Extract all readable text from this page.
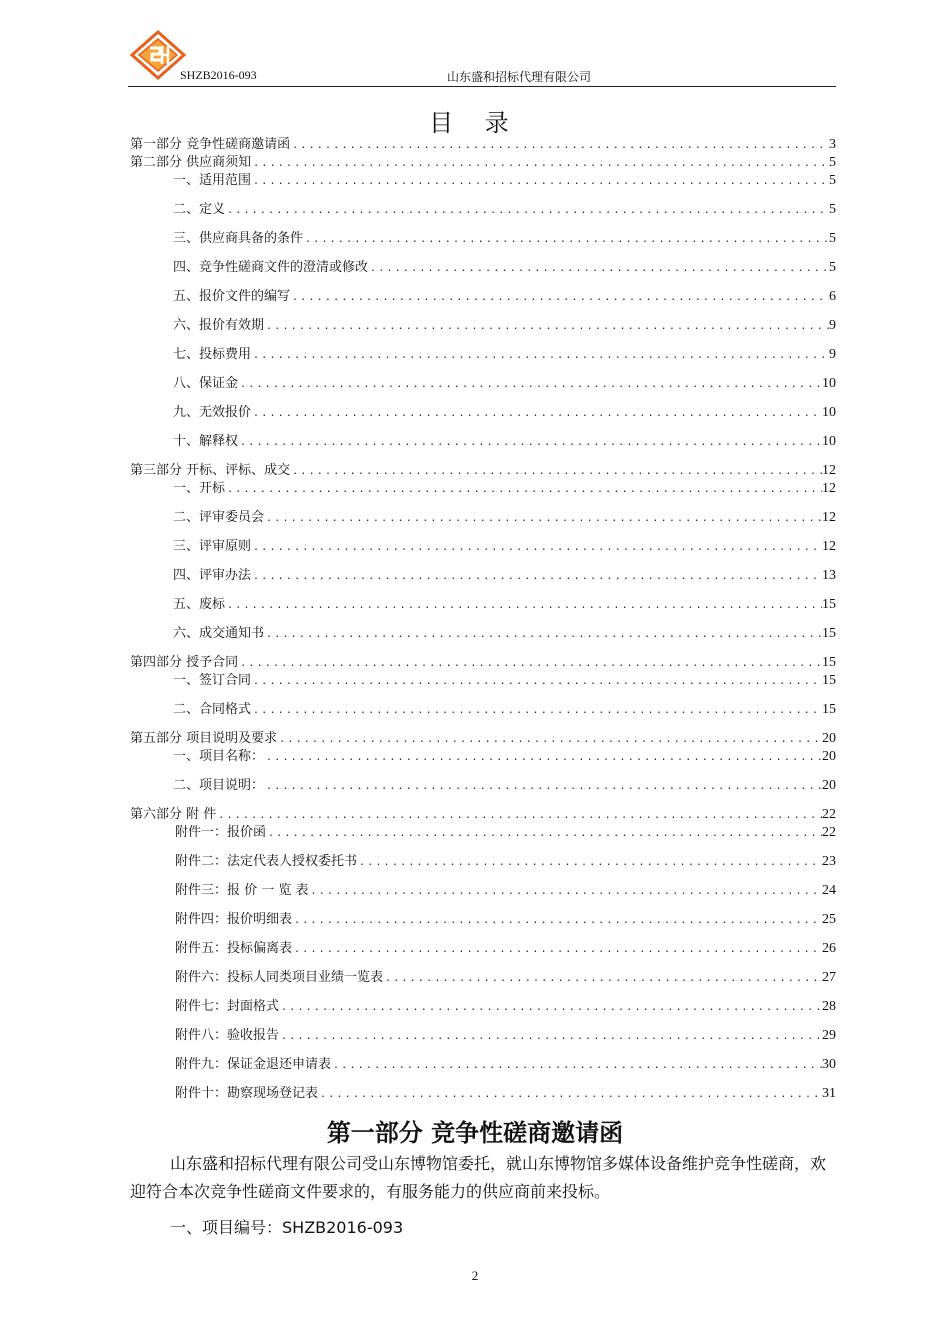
SHZB2016-093	山东盛和招标代理有限公司
目 录
第一部分 竞争性磋商邀请函 .....	3
第二部分 供应商须知 .....	5
一、适用范围 .....	5
二、定义 .....	5
三、供应商具备的条件 .....	5
四、竞争性磋商文件的澄清或修改 .....	5
五、报价文件的编写 .....	6
六、报价有效期 .....	9
七、投标费用 .....	9
八、保证金 .....	10
九、无效报价 .....	10
十、解释权 .....	10
第三部分 开标、评标、成交 .....	12
一、开标 .....	12
二、评审委员会 .....	12
三、评审原则 .....	12
四、评审办法 .....	13
五、废标 .....	15
六、成交通知书 .....	15
第四部分 授予合同 .....	15
一、签订合同 .....	15
二、合同格式 .....	15
第五部分 项目说明及要求 .....	20
一、项目名称： .....	20
二、项目说明： .....	20
第六部分 附 件 .....	22
附件一：报价函 .....	22
附件二：法定代表人授权委托书 .....	23
附件三：报 价 一 览 表 .....	24
附件四：报价明细表 .....	25
附件五：投标偏离表 .....	26
附件六：投标人同类项目业绩一览表 .....	27
附件七：封面格式 .....	28
附件八：验收报告 .....	29
附件九：保证金退还申请表 .....	30
附件十：勘察现场登记表 .....	31
第一部分 竞争性磋商邀请函
山东盛和招标代理有限公司受山东博物馆委托，就山东博物馆多媒体设备维护竞争性磋商，欢迎符合本次竞争性磋商文件要求的，有服务能力的供应商前来投标。
一、项目编号：SHZB2016-093
2
